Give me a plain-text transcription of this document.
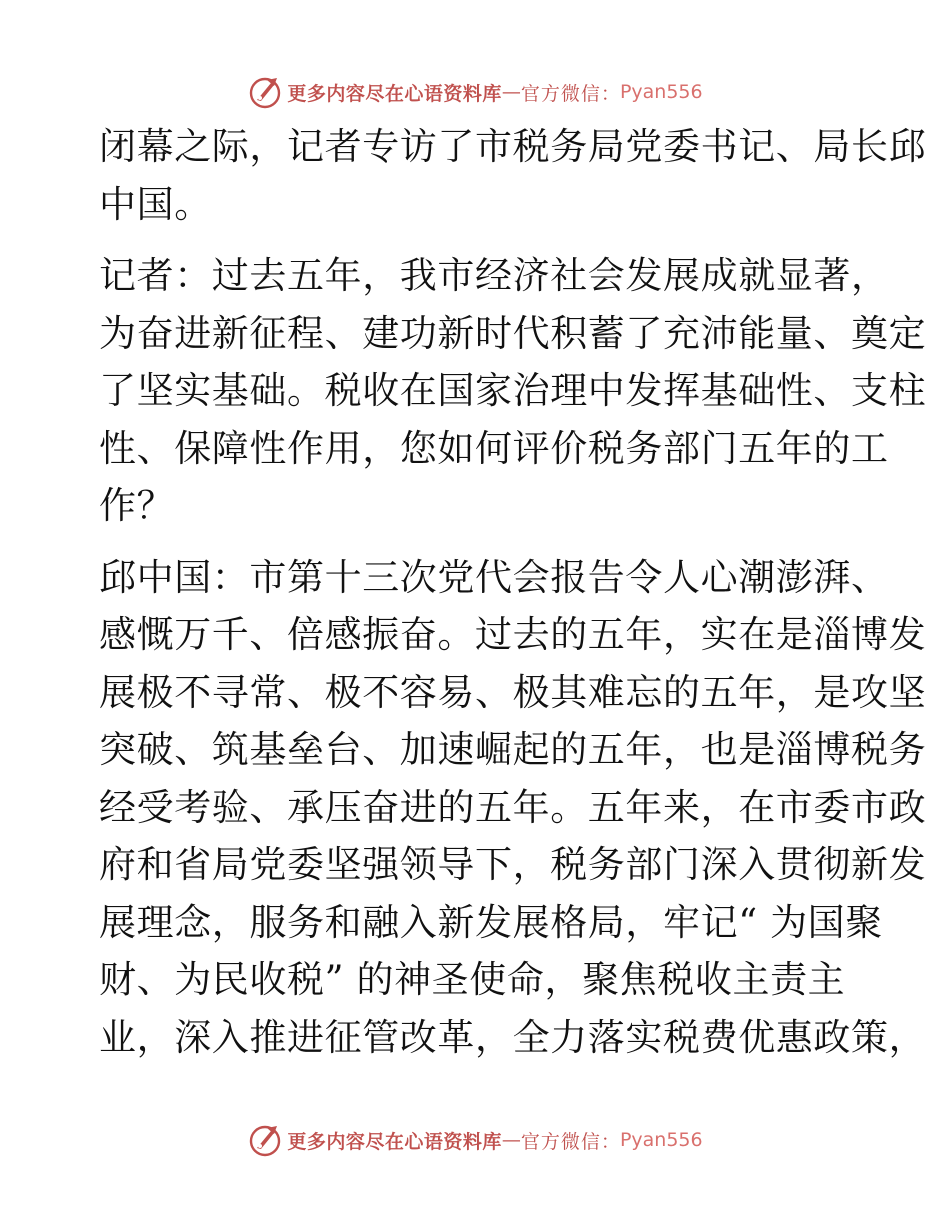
更多内容尽在心语资料库 — 官方微信 ： Pyan556

闭幕之际，记者专访了市税务局党委书记、局长邱
中国。

记者：过去五年，我市经济社会发展成就显著，
为奋进新征程、建功新时代积蓄了充沛能量、奠定
了坚实基础。税收在国家治理中发挥基础性、支柱
性、保障性作用，您如何评价税务部门五年的工
作？

邱中国：市第十三次党代会报告令人心潮澎湃、
感慨万千、倍感振奋。过去的五年，实在是淄博发
展极不寻常、极不容易、极其难忘的五年，是攻坚
突破、筑基垒台、加速崛起的五年，也是淄博税务
经受考验、承压奋进的五年。五年来，在市委市政
府和省局党委坚强领导下，税务部门深入贯彻新发
展理念，服务和融入新发展格局，牢记“ 为国聚
财、为民收税” 的神圣使命，聚焦税收主责主
业，深入推进征管改革，全力落实税费优惠政策，

更多内容尽在心语资料库 — 官方微信 ： Pyan556
